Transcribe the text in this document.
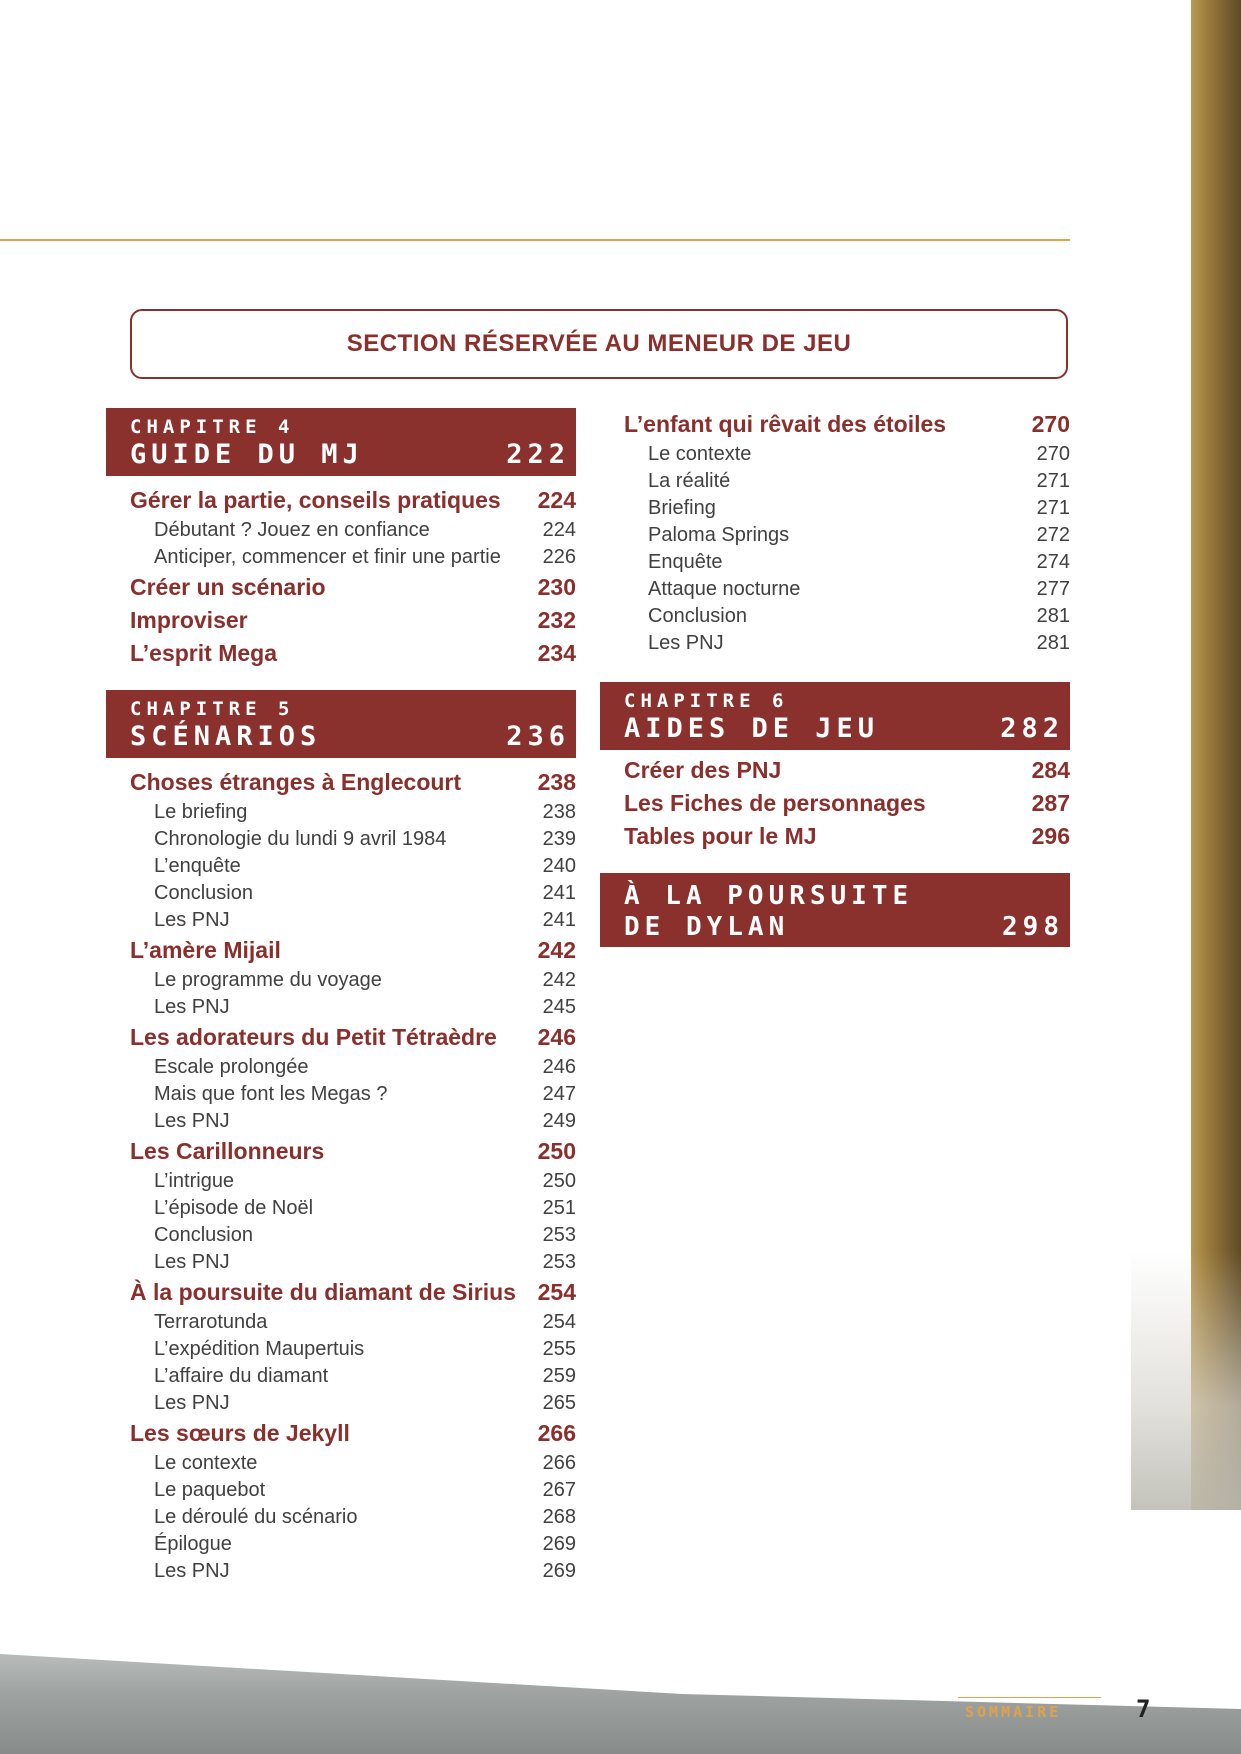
SECTION RÉSERVÉE AU MENEUR DE JEU
CHAPITRE 4
GUIDE DU MJ	222
Gérer la partie, conseils pratiques 224
Débutant ? Jouez en confiance	224
Anticiper, commencer et finir une partie 226
Créer un scénario	230
Improviser	232
L’esprit Mega	234
CHAPITRE 5
SCÉNARIOS	236
Choses étranges à Englecourt	238
Le briefing	238
Chronologie du lundi 9 avril 1984	239
L’enquête	240
Conclusion	241
Les PNJ	241
L’amère Mijail	242
Le programme du voyage	242
Les PNJ	245
Les adorateurs du Petit Tétraèdre 246
Escale prolongée	246
Mais que font les Megas ?	247
Les PNJ	249
Les Carillonneurs	250
L’intrigue	250
L’épisode de Noël	251
Conclusion	253
Les PNJ	253
À la poursuite du diamant de Sirius 254
Terrarotunda	254
L’expédition Maupertuis	255
L’affaire du diamant	259
Les PNJ	265
Les sœurs de Jekyll	266
Le contexte	266
Le paquebot	267
Le déroulé du scénario	268
Épilogue	269
Les PNJ	269
L’enfant qui rêvait des étoiles	270
Le contexte	270
La réalité	271
Briefing	271
Paloma Springs	272
Enquête	274
Attaque nocturne	277
Conclusion	281
Les PNJ	281
CHAPITRE 6
AIDES DE JEU	282
Créer des PNJ	284
Les Fiches de personnages	287
Tables pour le MJ	296
À LA POURSUITE
DE DYLAN	298
SOMMAIRE	7
